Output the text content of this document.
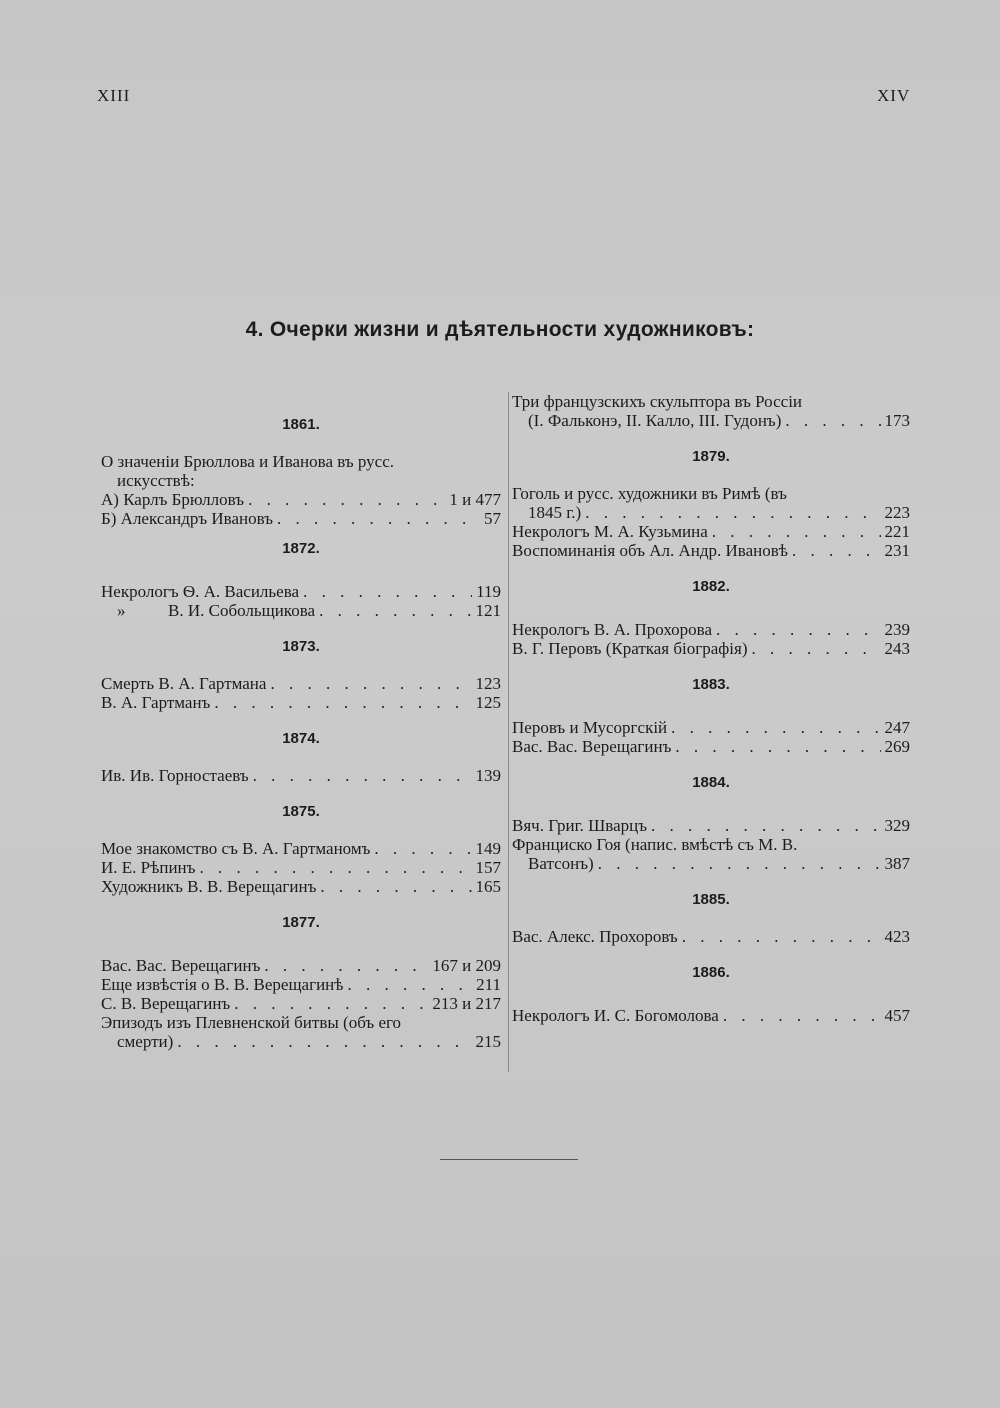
XIII	XIV
4. Очерки жизни и дѣятельности художниковъ:
1861.
О значеніи Брюллова и Иванова въ русс.
искусствѣ:
А) Карлъ Брюлловъ . . .	1 и 477
Б) Александръ Ивановъ . . .	57
1872.
Некрологъ Ѳ. А. Васильева . . .	119
»          В. И. Собольщикова . . .	121
1873.
Смерть В. А. Гартмана . . .	123
В. А. Гартманъ . . .	125
1874.
Ив. Ив. Горностаевъ . . .	139
1875.
Мое знакомство съ В. А. Гартманомъ . . .	149
И. Е. Рѣпинъ . . .	157
Художникъ В. В. Верещагинъ . . .	165
1877.
Вас. Вас. Верещагинъ . . .	167 и 209
Еще извѣстія о В. В. Верещагинѣ . . .	211
С. В. Верещагинъ . . .	213 и 217
Эпизодъ изъ Плевненской битвы (объ его
смерти) . . .	215
Три французскихъ скульптора въ Россіи
(I. Фальконэ, II. Калло, III. Гудонъ) . . .	173
1879.
Гоголь и русс. художники въ Римѣ (въ
1845 г.) . . .	223
Некрологъ М. А. Кузьмина . . .	221
Воспоминанія объ Ал. Андр. Ивановѣ . . .	231
1882.
Некрологъ В. А. Прохорова . . .	239
В. Г. Перовъ (Краткая біографія) . . .	243
1883.
Перовъ и Мусоргскій . . .	247
Вас. Вас. Верещагинъ . . .	269
1884.
Вяч. Григ. Шварцъ . . .	329
Франциско Гоя (напис. вмѣстѣ съ М. В.
Ватсонъ) . . .	387
1885.
Вас. Алекс. Прохоровъ . . .	423
1886.
Некрологъ И. С. Богомолова . . .	457
